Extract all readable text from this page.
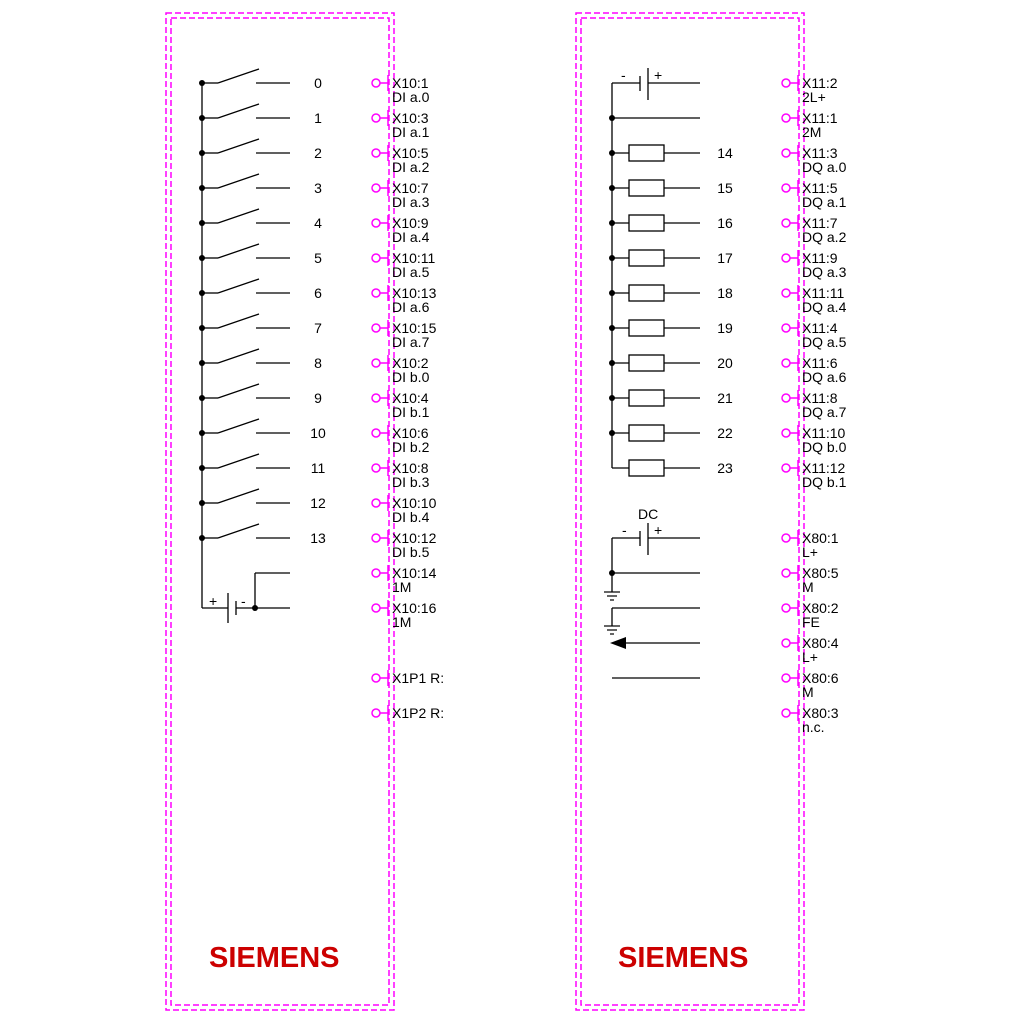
+ -
- +
DC
- +
0
1
2
3
4
5
6
7
8
9
10
11
12
13
X10:1
DI a.0
X10:3
DI a.1
X10:5
DI a.2
X10:7
DI a.3
X10:9
DI a.4
X10:11
DI a.5
X10:13
DI a.6
X10:15
DI a.7
X10:2
DI b.0
X10:4
DI b.1
X10:6
DI b.2
X10:8
DI b.3
X10:10
DI b.4
X10:12
DI b.5
X10:14
1M
X10:16
1M
X1P1 R:
X1P2 R:
14
15
16
17
18
19
20
21
22
23
X11:2
2L+
X11:1
2M
X11:3
DQ a.0
X11:5
DQ a.1
X11:7
DQ a.2
X11:9
DQ a.3
X11:11
DQ a.4
X11:4
DQ a.5
X11:6
DQ a.6
X11:8
DQ a.7
X11:10
DQ b.0
X11:12
DQ b.1
X80:1
L+
X80:5
M
X80:2
FE
X80:4
L+
X80:6
M
X80:3
n.c.
SIEMENS	SIEMENS
